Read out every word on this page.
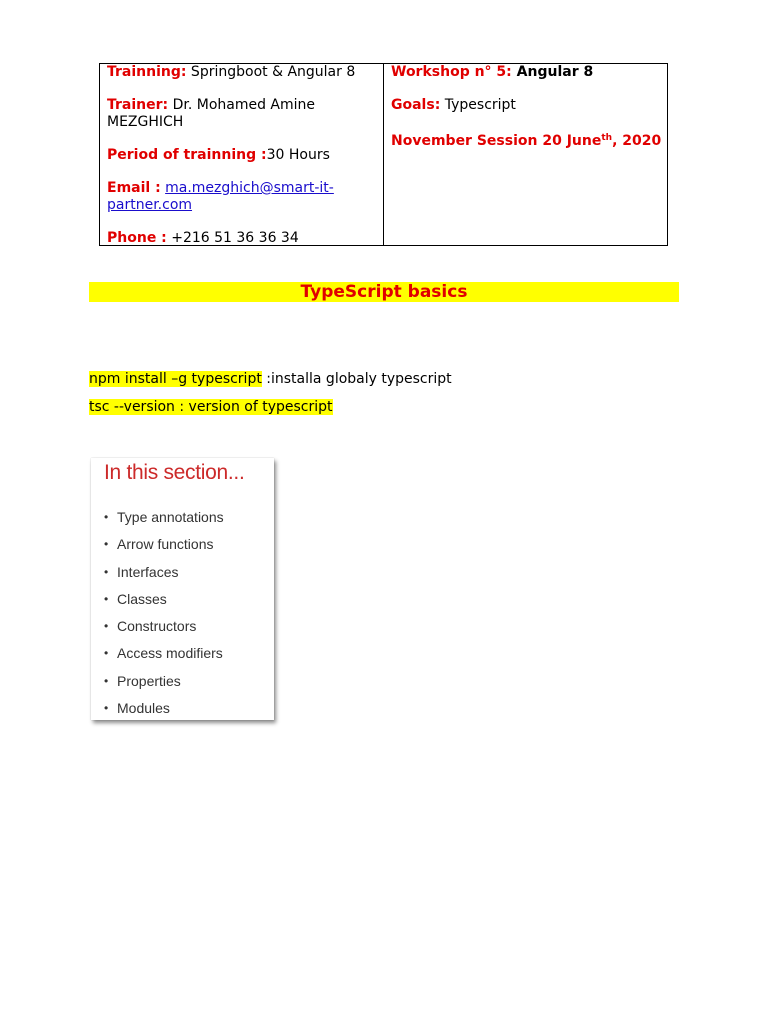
Trainning: Springboot & Angular 8
Trainer: Dr. Mohamed Amine
MEZGHICH
Period of trainning :30 Hours
Email : ma.mezghich@smart-it-
partner.com
Phone : +216 51 36 36 34
Workshop n° 5: Angular 8
Goals: Typescript
November Session 20 June$^{th}$, 2020
TypeScript basics
npm install –g typescript :installa globaly typescript
tsc --version : version of typescript
In this section...
• Type annotations
• Arrow functions
• Interfaces
• Classes
• Constructors
• Access modifiers
• Properties
• Modules
